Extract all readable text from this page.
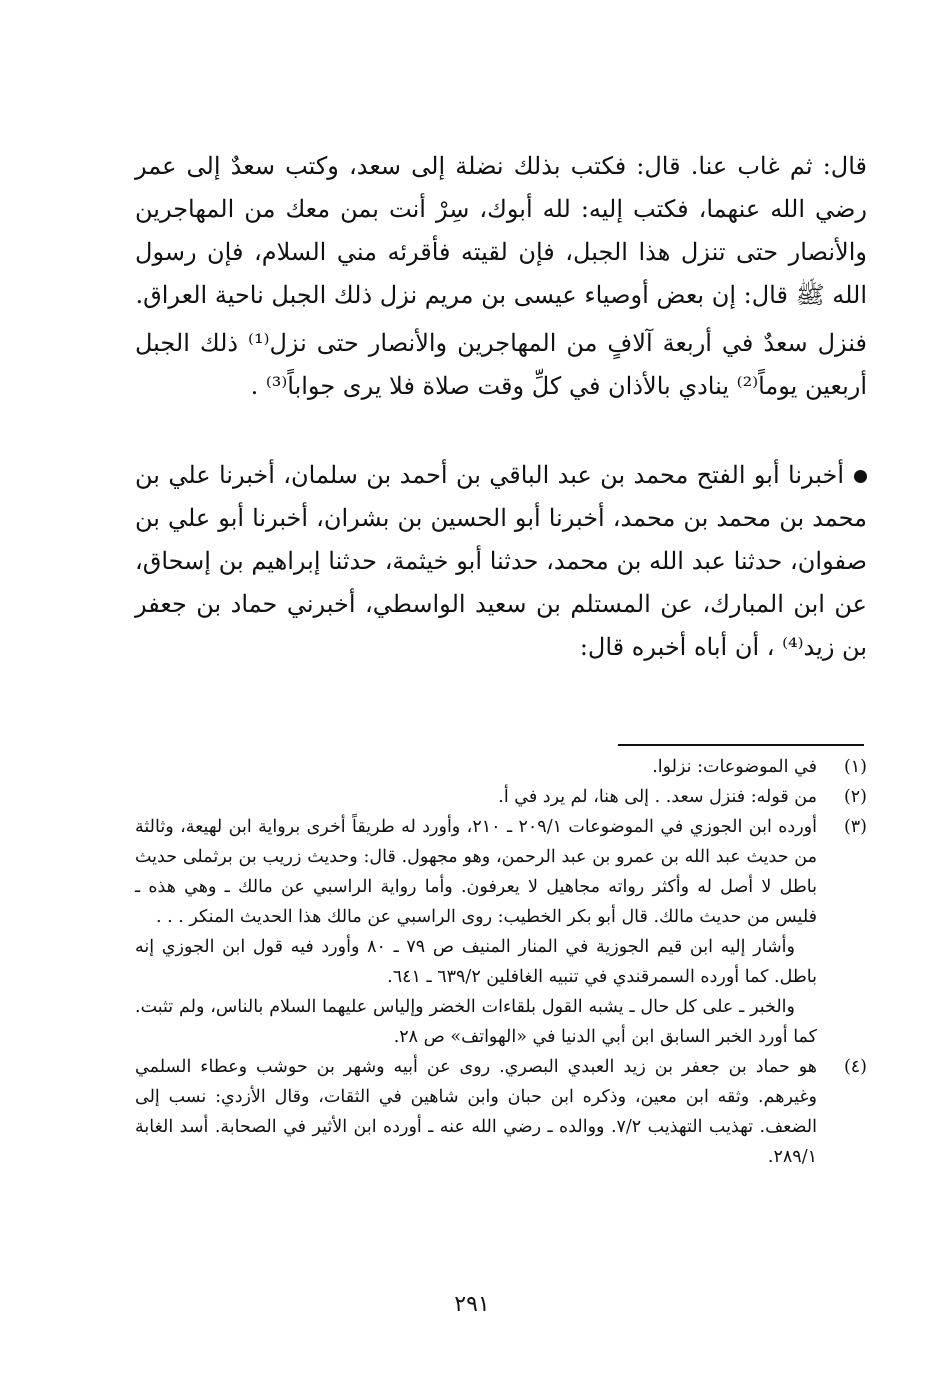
قال: ثم غاب عنا. قال: فكتب بذلك نضلة إلى سعد، وكتب سعدٌ إلى عمر رضي الله عنهما، فكتب إليه: لله أبوك، سِرْ أنت بمن معك من المهاجرين والأنصار حتى تنزل هذا الجبل، فإن لقيته فأقرئه مني السلام، فإن رسول الله ﷺ قال: إن بعض أوصياء عيسى بن مريم نزل ذلك الجبل ناحية العراق.

فنزل سعدٌ في أربعة آلافٍ من المهاجرين والأنصار حتى نزل⁽¹⁾ ذلك الجبل أربعين يوماً⁽²⁾ ينادي بالأذان في كلِّ وقت صلاة فلا يرى جواباً⁽³⁾ .

أخبرنا أبو الفتح محمد بن عبد الباقي بن أحمد بن سلمان، أخبرنا علي بن محمد بن محمد بن محمد، أخبرنا أبو الحسين بن بشران، أخبرنا أبو علي بن صفوان، حدثنا عبد الله بن محمد، حدثنا أبو خيثمة، حدثنا إبراهيم بن إسحاق، عن ابن المبارك، عن المستلم بن سعيد الواسطي، أخبرني حماد بن جعفر بن زيد⁽⁴⁾ ، أن أباه أخبره قال:

(١)
في الموضوعات: نزلوا.
(٢)
من قوله: فنزل سعد. . إلى هنا، لم يرد في أ.
(٣)
أورده ابن الجوزي في الموضوعات ٢٠٩/١ ـ ٢١٠، وأورد له طريقاً أخرى برواية ابن لهيعة، وثالثة من حديث عبد الله بن عمرو بن عبد الرحمن، وهو مجهول. قال: وحديث زريب بن برثملى حديث باطل لا أصل له وأكثر رواته مجاهيل لا يعرفون. وأما رواية الراسبي عن مالك ـ وهي هذه ـ فليس من حديث مالك. قال أبو بكر الخطيب: روى الراسبي عن مالك هذا الحديث المنكر . . .
وأشار إليه ابن قيم الجوزية في المنار المنيف ص ٧٩ ـ ٨٠ وأورد فيه قول ابن الجوزي إنه باطل. كما أورده السمرقندي في تنبيه الغافلين ٦٣٩/٢ ـ ٦٤١.
والخبر ـ على كل حال ـ يشبه القول بلقاءات الخضر وإلياس عليهما السلام بالناس، ولم تثبت. كما أورد الخبر السابق ابن أبي الدنيا في «الهواتف» ص ٢٨.
(٤)
هو حماد بن جعفر بن زيد العبدي البصري. روى عن أبيه وشهر بن حوشب وعطاء السلمي وغيرهم. وثقه ابن معين، وذكره ابن حبان وابن شاهين في الثقات، وقال الأزدي: نسب إلى الضعف. تهذيب التهذيب ٧/٢. ووالده ـ رضي الله عنه ـ أورده ابن الأثير في الصحابة. أسد الغابة ٢٨٩/١.
٢٩١
